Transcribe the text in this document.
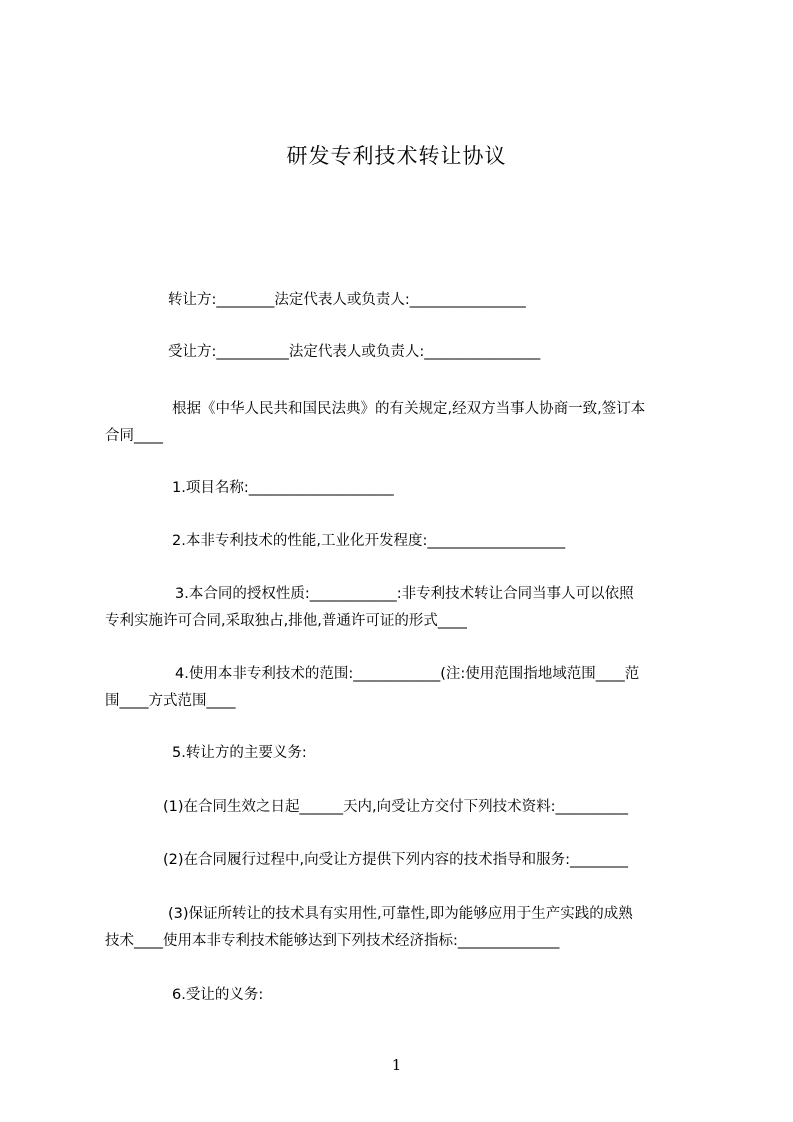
研发专利技术转让协议
转让方:________法定代表人或负责人:________________
受让方:__________法定代表人或负责人:________________
根据《中华人民共和国民法典》的有关规定,经双方当事人协商一致,签订本
合同____
1.项目名称:____________________
2.本非专利技术的性能,工业化开发程度:___________________
3.本合同的授权性质:____________:非专利技术转让合同当事人可以依照
专利实施许可合同,采取独占,排他,普通许可证的形式____
4.使用本非专利技术的范围:____________(注:使用范围指地域范围____范
围____方式范围____
5.转让方的主要义务:
(1)在合同生效之日起______天内,向受让方交付下列技术资料:__________
(2)在合同履行过程中,向受让方提供下列内容的技术指导和服务:________
(3)保证所转让的技术具有实用性,可靠性,即为能够应用于生产实践的成熟
技术____使用本非专利技术能够达到下列技术经济指标:______________
6.受让的义务:
1
